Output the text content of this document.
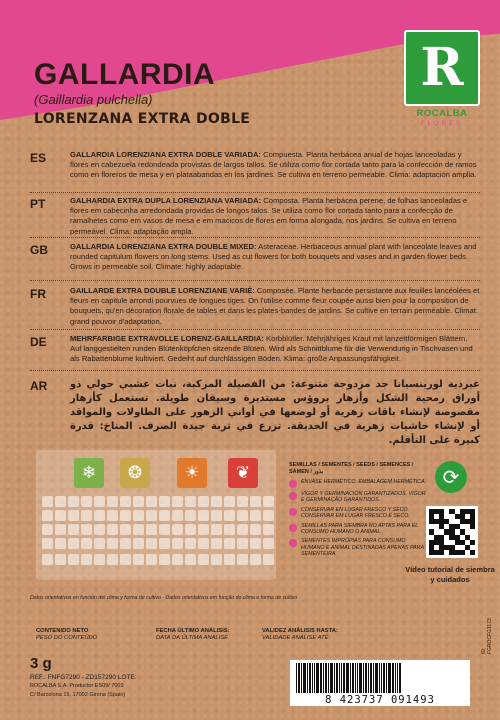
GALLARDIA
(Gaillardia pulchella)
LORENZANA EXTRA DOBLE
R
ROCALBA
FLORES
ES	GALLARDIA LORENZIANA EXTRA DOBLE VARIADA: Compuesta. Planta herbácea anual de hojas lanceoladas y flores en cabezuela redondeada provistas de largos tallos. Se utiliza como flor cortada tanto para la confección de ramos como en floreros de mesa y en plataabandas en los jardines. Se cultiva en terreno permeable. Clima: adaptación amplia.
PT	GALHARDIA EXTRA DUPLA LORENZIANA VARIADA: Composta. Planta herbácea perene, de folhas lanceoladas e flores em cabecinha arredondada providas de longos talos. Se utiliza como flor cortada tanto para a confecção de ramalhetes como em vasos de mesa e em macicos de flores em forma alongada, nos jardins. Se cultiva en terreno permeável. Clima: adaptação ampla.
GB	GALLARDIA LORENZIANA EXTRA DOUBLE MIXED: Asteraceae. Herbaceous annual plant with lanceolate leaves and rounded capitulum flowers on long stems. Used as cut flowers for both bouquets and vases and in garden flower beds. Grows in permeable soil. Climate: highly adaptable.
FR	GAILLARDE EXTRA DOUBLE LORENZIANE VARIÉ: Composée. Plante herbacée persistante aux feuilles lancéolées et fleurs en capitule arrondi pourvues de longues tiges. On l'utilise comme fleur coupée aussi bien pour la composition de bouquets, qu'en décoration florale de tables et dans les plates-bandes de jardins. Se cultive en terrain perméable. Climat: grand pouvoir d'adaptation.
DE	MEHRFARBIGE EXTRAVOLLE LORENZ-GAILLARDIA: Korbblütler. Mehrjähriges Kraut mit lanzettförmigen Blättern. Auf langgestielten runden Blütenköpfchen sitzende Blüten. Wird als Schnittblume für die Verwendung in Tischvasen und als Rabattenblume kultiviert. Gedeiht auf durchlässigen Böden. Klima: große Anpassungsfähigkeit.
AR	غيردية لورينسيانا جد مزدوجة متنوعة: من الفصيلة المركبة، نبات عشبي حولي ذو أوراق رمحية الشكل وأزهار بروؤس مستديرة وسيقان طويلة. تستعمل كأزهار مقصوصة لإنشاء باقات زهرية أو لوضعها في أواني الزهور على الطاولات والمواقد أو لإنشاء حاشيات زهرية في الحديقة. تزرع في تربة جيدة الصرف. المناخ: قدرة كبيرة على التأقلم.
❄	❂	☀	❦	SEMILLAS / SEMENTES / SEEDS / SEMENCES / SAMEN / بذور
ENVASE HERMÉTICO. EMBALAGEM HERMÉTICA.
VIGOR Y GERMINACIÓN GARANTIZADOS. VIGOR E GERMINAÇÃO GARANTIDOS.
CONSERVAR EN LUGAR FRESCO Y SECO. CONSERVAR EM LUGAR FRESCO E SECO.
SEMILLAS PARA SIEMBRA NO APTAS PARA EL CONSUMO HUMANO O ANIMAL.
SEMENTES IMPRÓPIAS PARA CONSUMO HUMANO E ANIMAL DESTINADAS APENAS PARA SEMENTEIRA.
⟳
Vídeo tutorial de siembra y cuidados
Datos orientativos en función del clima y forma de cultivo - Dados orientativos em função do clima e forma de cultivo
CONTENIDO NETO
PESO DO CONTEÚDO
FECHA ÚLTIMO ANÁLISIS:
DATA DA ÚLTIMA ANÁLISE
VALIDEZ ANÁLISIS HASTA:
VALIDADE ANÁLISE ATÉ:
3 g
REF.: FNFG7290 - ZD157290 LOTE:
ROCALBA S.A. Productor ES09/ 7003
C/ Barcelona 15, 17002 Girona (Spain)	8 423737 091493
ID: FGROCFG1173
